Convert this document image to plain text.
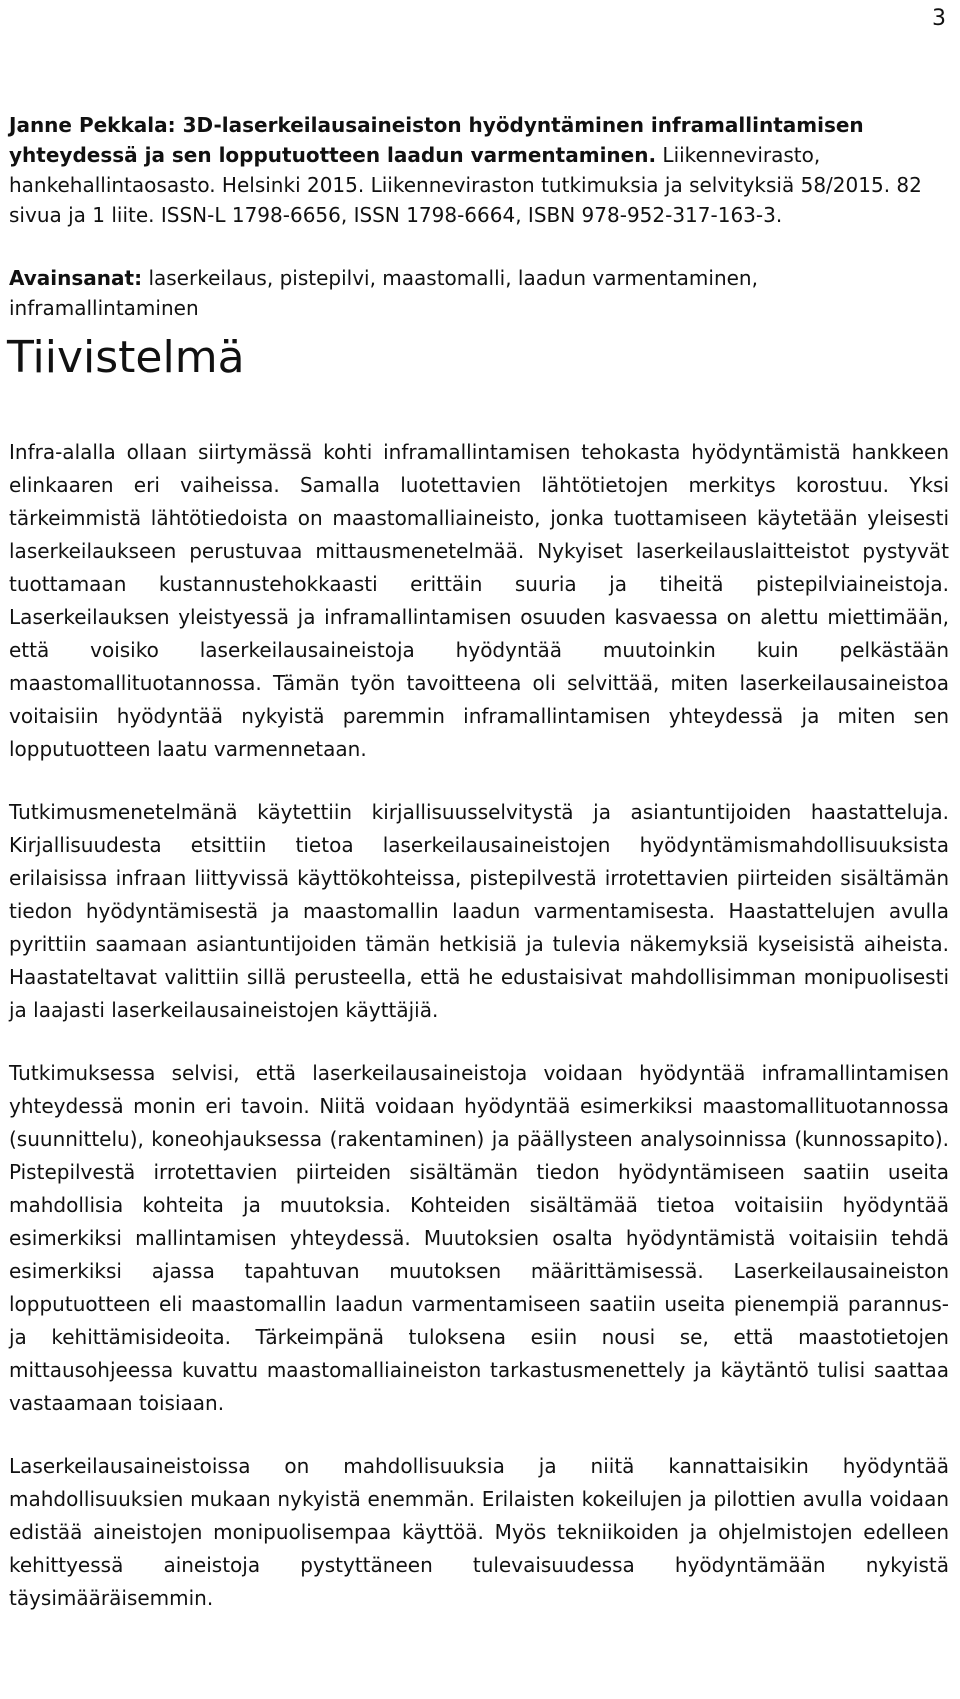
3
Janne Pekkala: 3D-laserkeilausaineiston hyödyntäminen inframallintamisen yhteydessä ja sen lopputuotteen laadun varmentaminen. Liikennevirasto, hankehallintaosasto. Helsinki 2015. Liikenneviraston tutkimuksia ja selvityksiä 58/2015. 82 sivua ja 1 liite. ISSN-L 1798-6656, ISSN 1798-6664, ISBN 978-952-317-163-3.
Avainsanat: laserkeilaus, pistepilvi, maastomalli, laadun varmentaminen, inframallintaminen
Tiivistelmä

Infra-alalla ollaan siirtymässä kohti inframallintamisen tehokasta hyödyntämistä hankkeen elinkaaren eri vaiheissa. Samalla luotettavien lähtötietojen merkitys korostuu. Yksi tärkeimmistä lähtötiedoista on maastomalliaineisto, jonka tuottamiseen käytetään yleisesti laserkeilaukseen perustuvaa mittausmenetelmää. Nykyiset laserkeilauslaitteistot pystyvät tuottamaan kustannustehokkaasti erittäin suuria ja tiheitä pistepilviaineistoja. Laserkeilauksen yleistyessä ja inframallintamisen osuuden kasvaessa on alettu miettimään, että voisiko laserkeilausaineistoja hyödyntää muutoinkin kuin pelkästään maastomallituotannossa. Tämän työn tavoitteena oli selvittää, miten laserkeilausaineistoa voitaisiin hyödyntää nykyistä paremmin inframallintamisen yhteydessä ja miten sen lopputuotteen laatu varmennetaan.

Tutkimusmenetelmänä käytettiin kirjallisuusselvitystä ja asiantuntijoiden haastatteluja. Kirjallisuudesta etsittiin tietoa laserkeilausaineistojen hyödyntämismahdollisuuksista erilaisissa infraan liittyvissä käyttökohteissa, pistepilvestä irrotettavien piirteiden sisältämän tiedon hyödyntämisestä ja maastomallin laadun varmentamisesta. Haastattelujen avulla pyrittiin saamaan asiantuntijoiden tämän hetkisiä ja tulevia näkemyksiä kyseisistä aiheista. Haastateltavat valittiin sillä perusteella, että he edustaisivat mahdollisimman monipuolisesti ja laajasti laserkeilausaineistojen käyttäjiä.

Tutkimuksessa selvisi, että laserkeilausaineistoja voidaan hyödyntää inframallintamisen yhteydessä monin eri tavoin. Niitä voidaan hyödyntää esimerkiksi maastomallituotannossa (suunnittelu), koneohjauksessa (rakentaminen) ja päällysteen analysoinnissa (kunnossapito). Pistepilvestä irrotettavien piirteiden sisältämän tiedon hyödyntämiseen saatiin useita mahdollisia kohteita ja muutoksia. Kohteiden sisältämää tietoa voitaisiin hyödyntää esimerkiksi mallintamisen yhteydessä. Muutoksien osalta hyödyntämistä voitaisiin tehdä esimerkiksi ajassa tapahtuvan muutoksen määrittämisessä. Laserkeilausaineiston lopputuotteen eli maastomallin laadun varmentamiseen saatiin useita pienempiä parannus- ja kehittämisideoita. Tärkeimpänä tuloksena esiin nousi se, että maastotietojen mittausohjeessa kuvattu maastomalliaineiston tarkastusmenettely ja käytäntö tulisi saattaa vastaamaan toisiaan.

Laserkeilausaineistoissa on mahdollisuuksia ja niitä kannattaisikin hyödyntää mahdollisuuksien mukaan nykyistä enemmän. Erilaisten kokeilujen ja pilottien avulla voidaan edistää aineistojen monipuolisempaa käyttöä. Myös tekniikoiden ja ohjelmistojen edelleen kehittyessä aineistoja pystyttäneen tulevaisuudessa hyödyntämään nykyistä täysimääräisemmin.
